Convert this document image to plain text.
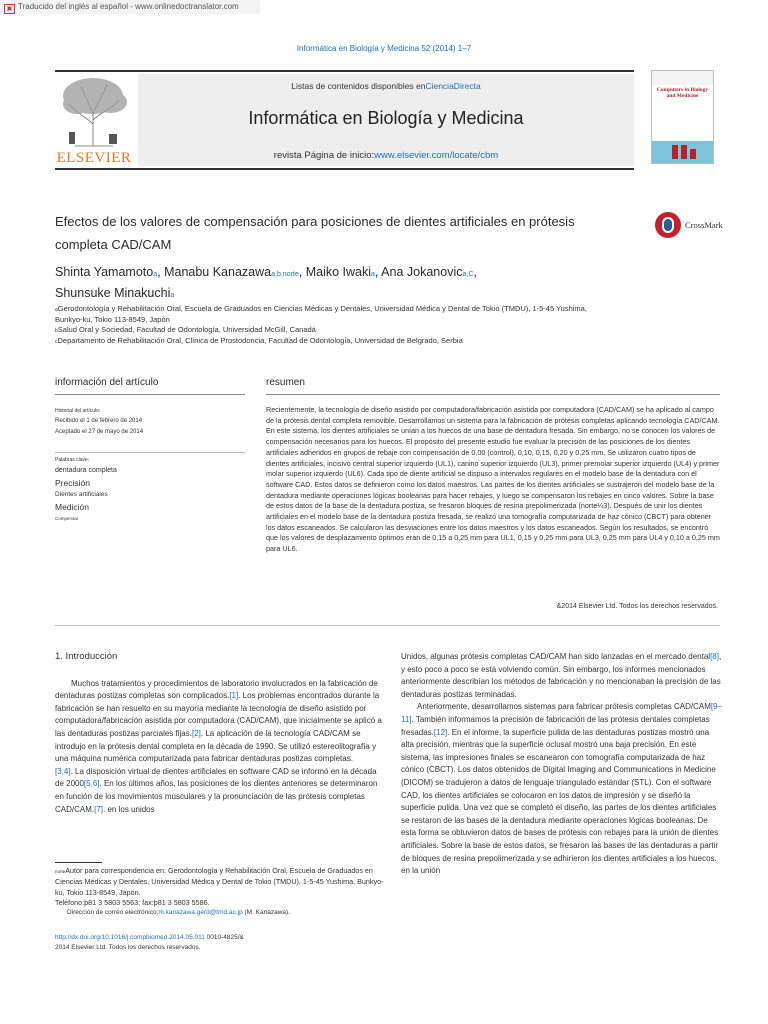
▣ Traducido del inglés al español - www.onlinedoctranslator.com
Informática en Biología y Medicina 52 (2014) 1–7
ELSEVIER
Listas de contenidos disponibles enCienciaDirecta
Informática en Biología y Medicina
revista Página de inicio:www.elsevier.com/locate/cbm
Computers in Biology and Medicine
Efectos de los valores de compensación para posiciones de dientes artificiales en prótesis
completa CAD/CAM
CrossMark
Shinta Yamamotoa, Manabu Kanazawaa,b,norte, Maiko Iwakia, Ana Jokanovica,C,
Shunsuke Minakuchia
aGerodontología y Rehabilitación Oral, Escuela de Graduados en Ciencias Médicas y Dentales, Universidad Médica y Dental de Tokio (TMDU), 1-5-45 Yushima,
Bunkyo-ku, Tokio 113-8549, Japón
bSalud Oral y Sociedad, Facultad de Odontología, Universidad McGill, Canadá
cDepartamento de Rehabilitación Oral, Clínica de Prostodoncia, Facultad de Odontología, Universidad de Belgrado, Serbia
información del artículo
Historial del artículo:
Recibido el 1 de febrero de 2014
Aceptado el 27 de mayo de 2014
Palabras clave:
dentadura completa
Precisión
Dientes artificiales
Medición
Compensar
resumen
Recientemente, la tecnología de diseño asistido por computadora/fabricación asistida por computadora (CAD/CAM) se ha aplicado al campo de la prótesis dental completa removible. Desarrollamos un sistema para la fabricación de prótesis completas aplicando tecnología CAD/CAM. En este sistema, los dientes artificiales se unían a los huecos de una base de dentadura fresada. Sin embargo, no se conocen los valores de compensación necesarios para los huecos. El propósito del presente estudio fue evaluar la precisión de las posiciones de los dientes artificiales adheridos en grupos de rebaje con compensación de 0,00 (control), 0,10, 0,15, 0,20 y 0,25 mm. Se utilizaron cuatro tipos de dientes artificiales, incisivo central superior izquierdo (UL1), canino superior izquierdo (UL3), primer premolar superior izquierdo (UL4) y primer molar superior izquierdo (UL6). Cada tipo de diente artificial se dispuso a intervalos regulares en el modelo base de la dentadura con el software CAD. Estos datos se definieron como los datos maestros. Las partes de los dientes artificiales se sustrajeron del modelo base de la dentadura mediante operaciones lógicas booleanas para hacer rebajes, y luego se compensaron los rebajes en cinco valores. Sobre la base de estos datos de la base de la dentadura postiza, se fresaron bloques de resina prepolimerizada (norte¼3). Después de unir los dientes artificiales en el modelo base de la dentadura postiza fresada, se realizó una tomografía computarizada de haz cónico (CBCT) para obtener los datos escaneados. Se calcularon las desviaciones entre los datos maestros y los datos escaneados. Según los resultados, se encontró que los valores de desplazamiento óptimos eran de 0,15 a 0,25 mm para UL1, 0,15 y 0,25 mm para UL3, 0,25 mm para UL4 y 0,10 a 0,25 mm para UL6.
&2014 Elsevier Ltd. Todos los derechos reservados.
1. Introducción

Muchos tratamientos y procedimientos de laboratorio involucrados en la fabricación de dentaduras postizas completas son complicados.[1]. Los problemas encontrados durante la fabricación se han resuelto en su mayoría mediante la tecnología de diseño asistido por computadora/fabricación asistida por computadora (CAD/CAM), que inicialmente se aplicó a las dentaduras postizas parciales fijas.[2]. La aplicación de la tecnología CAD/CAM se introdujo en la prótesis dental completa en la década de 1990. Se utilizó estereolitografía y una máquina numérica computarizada para fabricar dentaduras postizas completas.
[3,4]. La disposición virtual de dientes artificiales en software CAD se informó en la década de 2000[5,6]. En los últimos años, las posiciones de los dientes anteriores se determinaron en función de los movimientos musculares y la pronunciación de las prótesis completas CAD/CAM.[7]. en los unidos

Unidos, algunas prótesis completas CAD/CAM han sido lanzadas en el mercado dental[8], y esto poco a poco se está volviendo común. Sin embargo, los informes mencionados anteriormente describían los métodos de fabricación y no mencionaban la precisión de las dentaduras postizas terminadas.

Anteriormente, desarrollamos sistemas para fabricar prótesis completas CAD/CAM[9–11]. También informamos la precisión de fabricación de las prótesis dentales completas fresadas.[12]. En el informe, la superficie pulida de las dentaduras postizas mostró una alta precisión, mientras que la superficie oclusal mostró una baja precisión. En este sistema, las impresiones finales se escanearon con tomografía computarizada de haz cónico (CBCT). Los datos obtenidos de Digital Imaging and Communications in Medicine (DICOM) se tradujeron a datos de lenguaje triangulado estándar (STL). Con el software CAD, los dientes artificiales se colocaron en los datos de impresión y se diseñó la superficie pulida. Una vez que se completó el diseño, las partes de los dientes artificiales se restaron de las bases de la dentadura mediante operaciones lógicas booleanas. De esta forma se obtuvieron datos de bases de prótesis con rebajes para la unión de dientes artificiales. Sobre la base de estos datos, se fresaron las bases de las dentaduras a partir de bloques de resina prepolimerizada y se adhirieron los dientes artificiales a los huecos. en la unión

norteAutor para correspondencia en: Gerodontología y Rehabilitación Oral, Escuela de Graduados en Ciencias Médicas y Dentales, Universidad Médica y Dental de Tokio (TMDU), 1-5-45 Yushima, Bunkyo-ku, Tokio 113-8549, Japón.
Teléfono:þ81 3 5803 5563; fax:þ81 3 5803 5586.
Dirección de correo electrónico:m.kanazawa.gerd@tmd.ac.jp (M. Kanazawa).
http://dx.doi.org/10.1016/j.compbiomed.2014.05.011 0010-4825/&
2014 Elsevier Ltd. Todos los derechos reservados.
